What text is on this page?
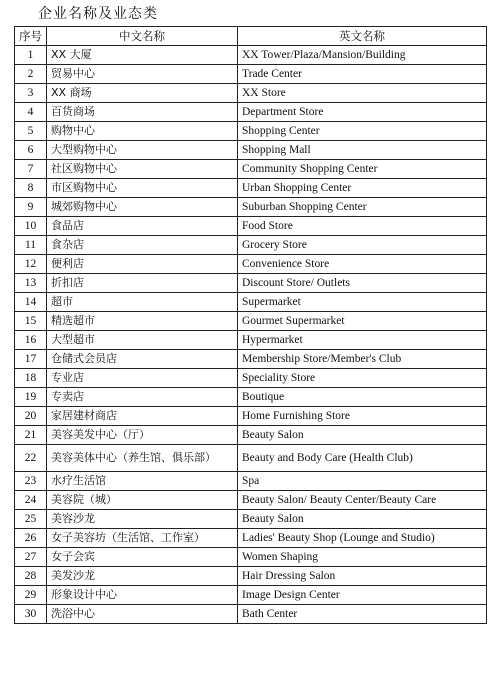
企业名称及业态类
序号	中文名称	英文名称
1	XX 大厦	XX Tower/Plaza/Mansion/Building
2	贸易中心	Trade Center
3	XX 商场	XX Store
4	百货商场	Department Store
5	购物中心	Shopping Center
6	大型购物中心	Shopping Mall
7	社区购物中心	Community Shopping Center
8	市区购物中心	Urban Shopping Center
9	城郊购物中心	Suburban Shopping Center
10	食品店	Food Store
11	食杂店	Grocery Store
12	便利店	Convenience Store
13	折扣店	Discount Store/ Outlets
14	超市	Supermarket
15	精选超市	Gourmet Supermarket
16	大型超市	Hypermarket
17	仓储式会员店	Membership Store/Member's Club
18	专业店	Speciality Store
19	专卖店	Boutique
20	家居建材商店	Home Furnishing Store
21	美容美发中心（厅）	Beauty Salon
22	美容美体中心（养生馆、俱乐部）	Beauty and Body Care (Health Club)
23	水疗生活馆	Spa
24	美容院（城）	Beauty Salon/ Beauty Center/Beauty Care
25	美容沙龙	Beauty Salon
26	女子美容坊（生活馆、工作室）	Ladies' Beauty Shop (Lounge and Studio)
27	女子会宾	Women Shaping
28	美发沙龙	Hair Dressing Salon
29	形象设计中心	Image Design Center
30	洗浴中心	Bath Center
